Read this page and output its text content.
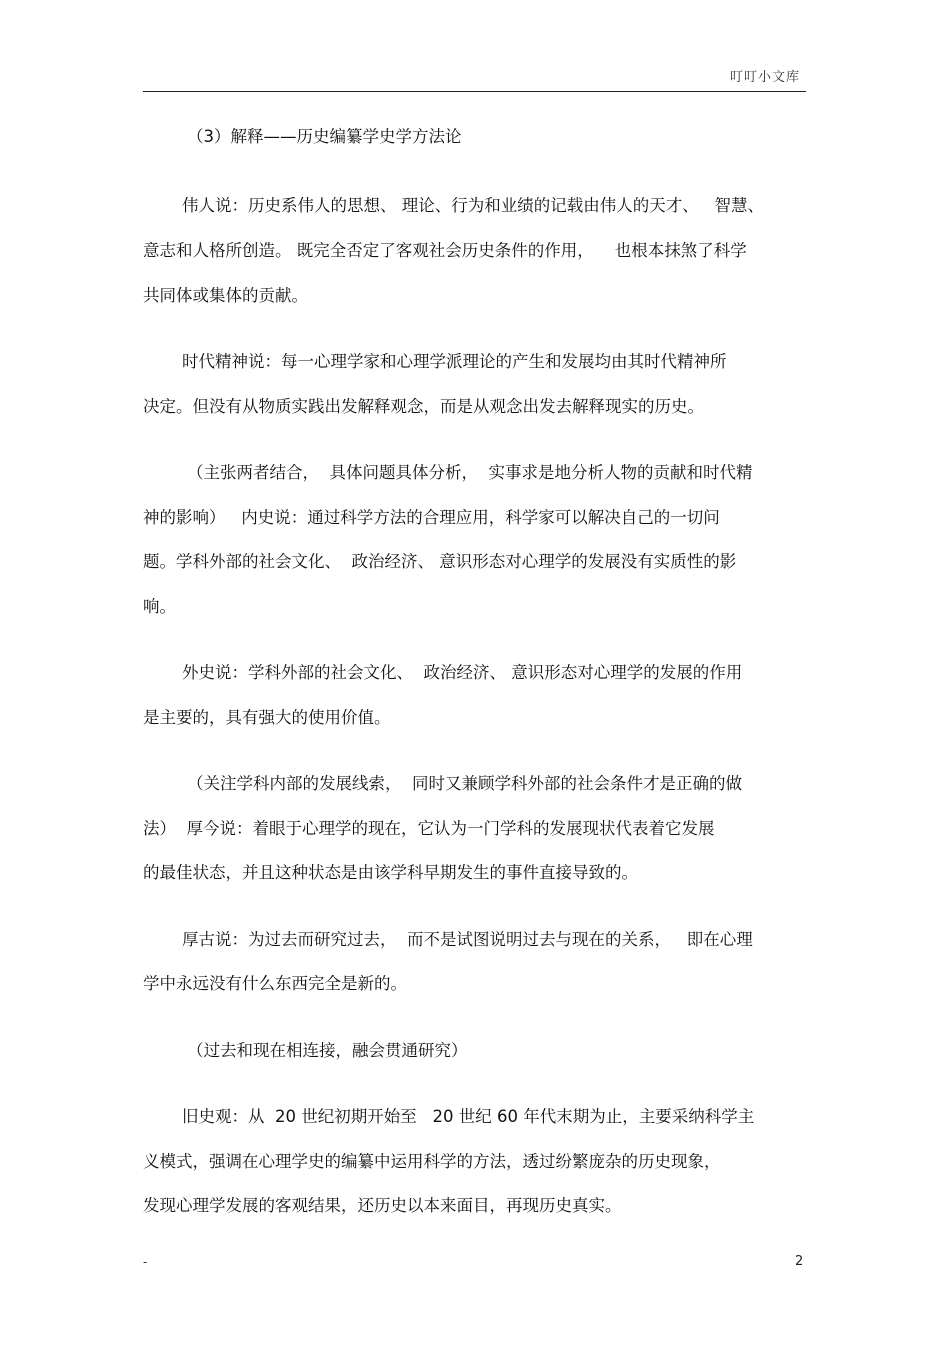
叮叮小文库
（3）解释——历史编纂学史学方法论
伟人说：历史系伟人的思想、 理论、行为和业绩的记载由伟人的天才、   智慧、
意志和人格所创造。 既完全否定了客观社会历史条件的作用，    也根本抹煞了科学
共同体或集体的贡献。
时代精神说：每一心理学家和心理学派理论的产生和发展均由其时代精神所
决定。但没有从物质实践出发解释观念，而是从观念出发去解释现实的历史。
（主张两者结合，  具体问题具体分析，  实事求是地分析人物的贡献和时代精
神的影响）   内史说：通过科学方法的合理应用，科学家可以解决自己的一切问
题。学科外部的社会文化、  政治经济、 意识形态对心理学的发展没有实质性的影
响。
外史说：学科外部的社会文化、  政治经济、 意识形态对心理学的发展的作用
是主要的，具有强大的使用价值。
（关注学科内部的发展线索，  同时又兼顾学科外部的社会条件才是正确的做
法）  厚今说：着眼于心理学的现在，它认为一门学科的发展现状代表着它发展
的最佳状态，并且这种状态是由该学科早期发生的事件直接导致的。
厚古说：为过去而研究过去，  而不是试图说明过去与现在的关系，   即在心理
学中永远没有什么东西完全是新的。
（过去和现在相连接，融会贯通研究）
旧史观：从  20 世纪初期开始至   20 世纪 60 年代末期为止，主要采纳科学主
义模式，强调在心理学史的编纂中运用科学的方法，透过纷繁庞杂的历史现象，
发现心理学发展的客观结果，还历史以本来面目，再现历史真实。
-	2
